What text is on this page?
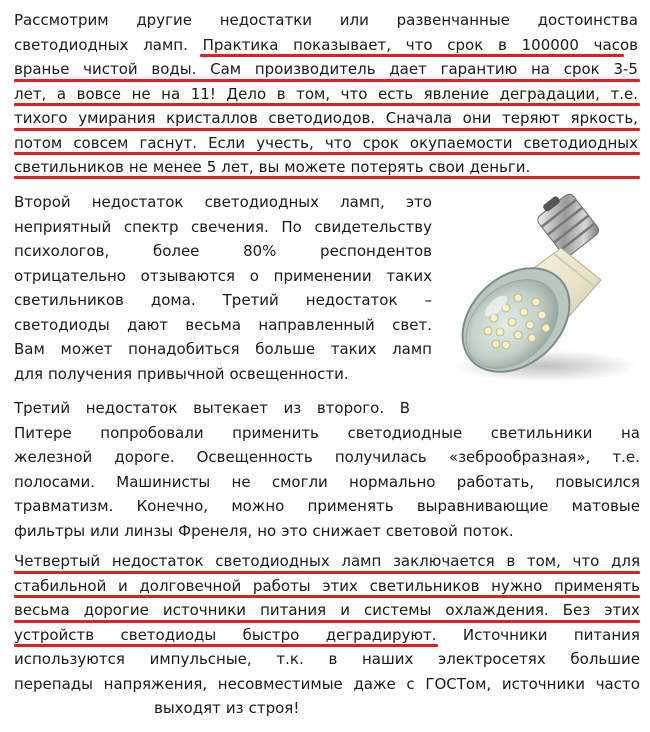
Рассмотрим другие недостатки или развенчанные достоинства
светодиодных ламп. Практика показывает, что срок в 100000 часов
вранье чистой воды. Сам производитель дает гарантию на срок 3-5
лет, а вовсе не на 11! Дело в том, что есть явление деградации, т.е.
тихого умирания кристаллов светодиодов. Сначала они теряют яркость,
потом совсем гаснут. Если учесть, что срок окупаемости светодиодных
светильников не менее 5 лет, вы можете потерять свои деньги.
Второй недостаток светодиодных ламп, это
неприятный спектр свечения. По свидетельству
психологов,	более	80%	респондентов
отрицательно отзываются о применении таких
светильников дома. Третий недостаток –
светодиоды дают весьма направленный свет.
Вам может понадобиться больше таких ламп
для получения привычной освещенности.
Третий недостаток вытекает из второго. В
Питере попробовали применить светодиодные светильники на
железной дороге. Освещенность получилась «зеброобразная», т.е.
полосами. Машинисты не смогли нормально работать, повысился
травматизм. Конечно, можно применять выравнивающие матовые
фильтры или линзы Френеля, но это снижает световой поток.
Четвертый недостаток светодиодных ламп заключается в том, что для
стабильной и долговечной работы этих светильников нужно применять
весьма дорогие источники питания и системы охлаждения. Без этих
устройств светодиоды быстро деградируют. Источники питания
используются импульсные, т.к. в наших электросетях большие
перепады напряжения, несовместимые даже с ГОСТом, источники часто
выходят из строя!
